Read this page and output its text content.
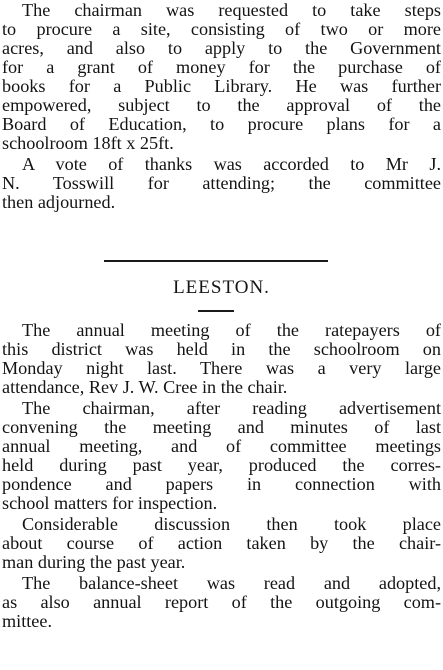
The chairman was requested to take steps
to procure a site, consisting of two or more
acres, and also to apply to the Government
for a grant of money for the purchase of
books for a Public Library. He was further
empowered, subject to the approval of the
Board of Education, to procure plans for a
schoolroom 18ft x 25ft.
A vote of thanks was accorded to Mr J.
N. Tosswill for attending; the committee
then adjourned.
LEESTON.
The annual meeting of the ratepayers of
this district was held in the schoolroom on
Monday night last. There was a very large
attendance, Rev J. W. Cree in the chair.
The chairman, after reading advertisement
convening the meeting and minutes of last
annual meeting, and of committee meetings
held during past year, produced the corres-
pondence and papers in connection with
school matters for inspection.
Considerable discussion then took place
about course of action taken by the chair-
man during the past year.
The balance-sheet was read and adopted,
as also annual report of the outgoing com-
mittee.
